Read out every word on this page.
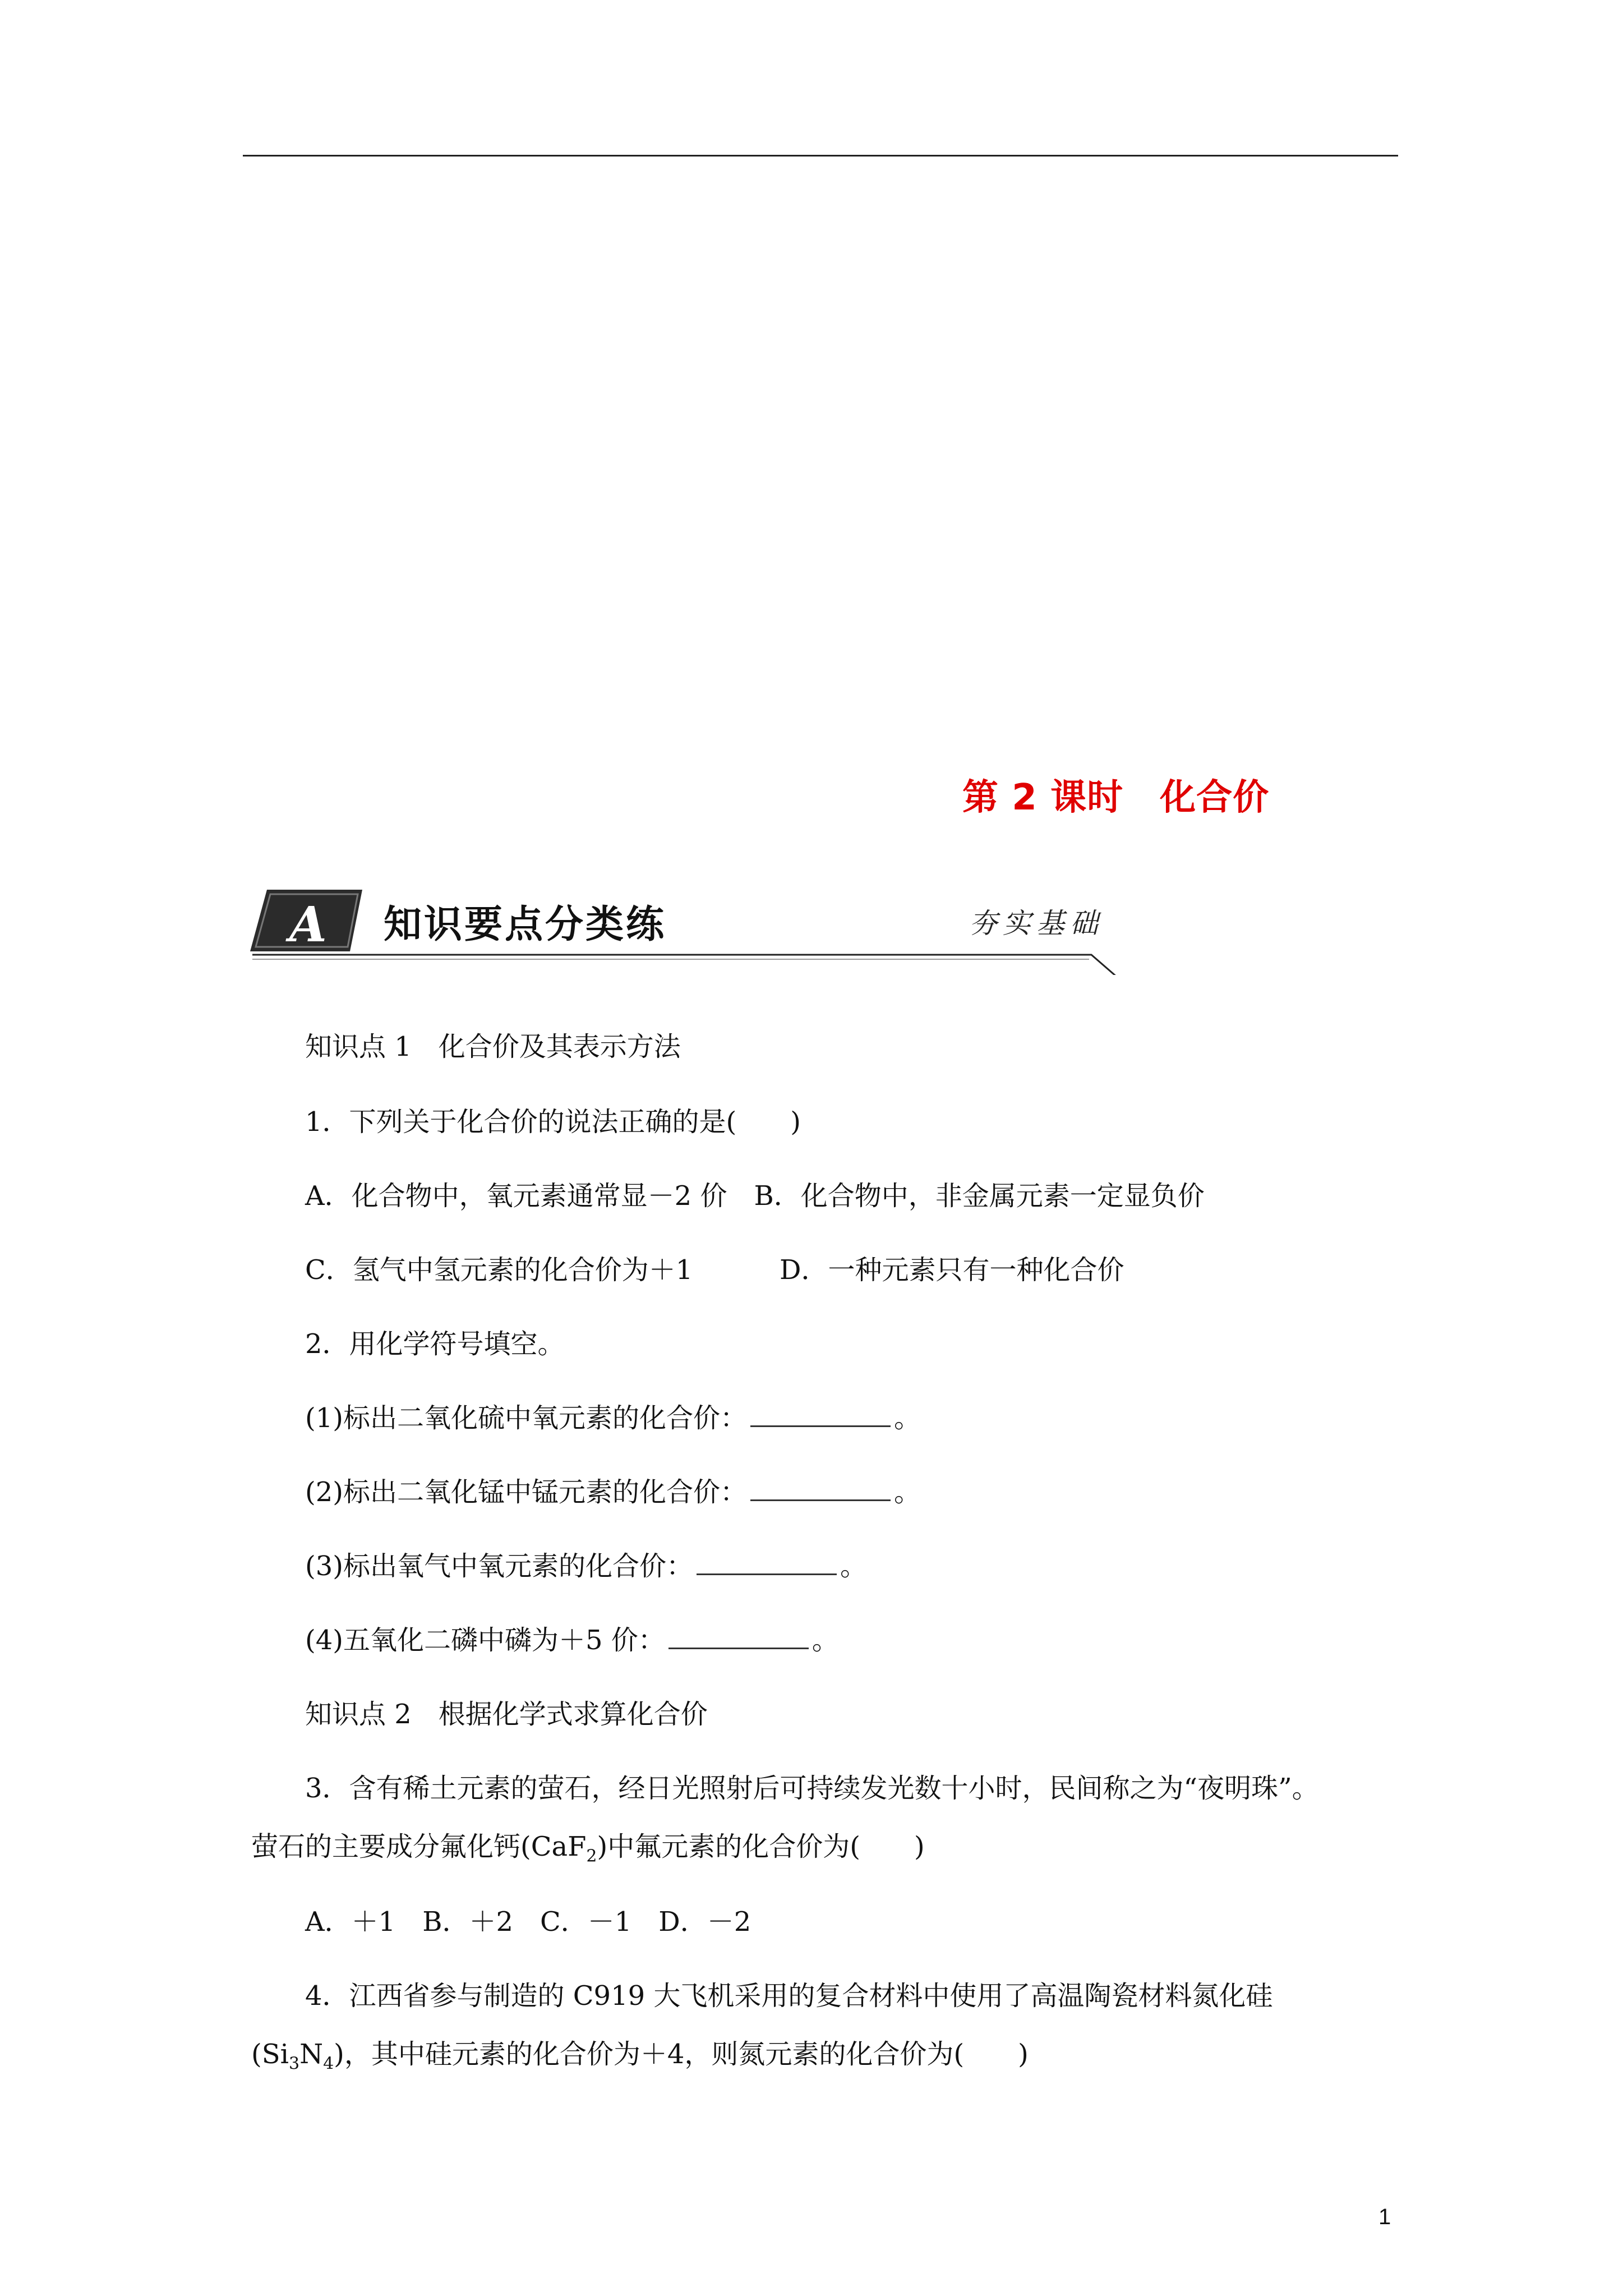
第 2 课时　化合价
A 知识要点分类练	夯实基础
知识点 1　化合价及其表示方法
1．下列关于化合价的说法正确的是(　　)
A．化合物中，氧元素通常显－2 价　B．化合物中，非金属元素一定显负价
C．氢气中氢元素的化合价为＋1	D．一种元素只有一种化合价
2．用化学符号填空。
(1)标出二氧化硫中氧元素的化合价：	。
(2)标出二氧化锰中锰元素的化合价：	。
(3)标出氧气中氧元素的化合价：	。
(4)五氧化二磷中磷为＋5 价：	。
知识点 2　根据化学式求算化合价
3．含有稀土元素的萤石，经日光照射后可持续发光数十小时，民间称之为“夜明珠”。
萤石的主要成分氟化钙(CaF$_2$)中氟元素的化合价为(　　)
A．＋1　B．＋2　C．－1　D．－2
4．江西省参与制造的 C919 大飞机采用的复合材料中使用了高温陶瓷材料氮化硅
$(Si_3N_4)$，其中硅元素的化合价为＋4，则氮元素的化合价为(　　)
1
